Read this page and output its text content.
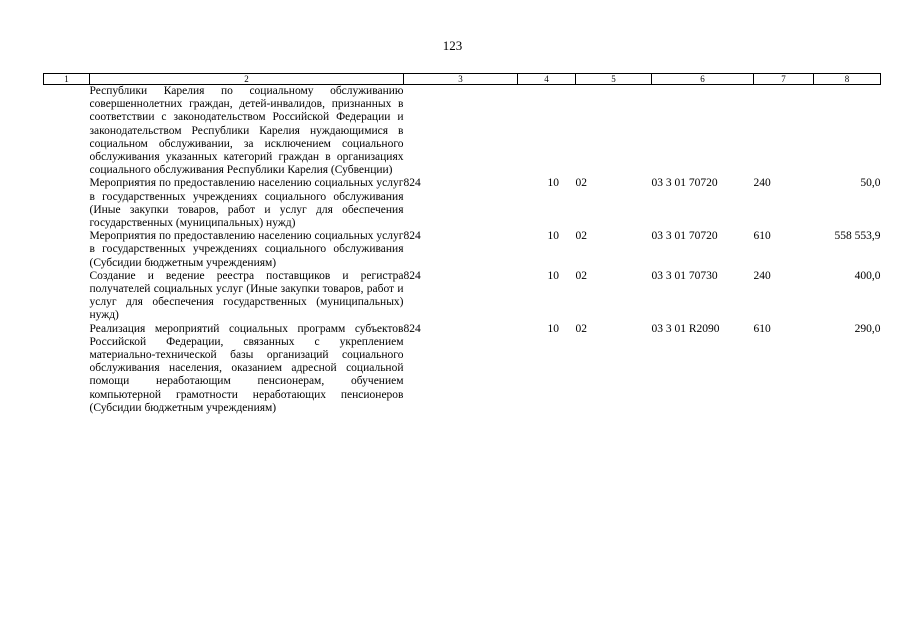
123
1	2	3	4	5	6	7	8
	Республики Карелия по социальному обслуживанию совершеннолетних граждан, детей-инвалидов, признанных в соответствии с законодательством Российской Федерации и законодательством Республики Карелия нуждающимися в социальном обслуживании, за исключением социального обслуживания указанных категорий граждан в организациях социального обслуживания Республики Карелия (Субвенции)						
	Мероприятия по предоставлению населению социальных услуг в государственных учреждениях социального обслуживания (Иные закупки товаров, работ и услуг для обеспечения государственных (муниципальных) нужд)	824	10	02	03 3 01 70720	240	50,0
	Мероприятия по предоставлению населению социальных услуг в государственных учреждениях социального обслуживания (Субсидии бюджетным учреждениям)	824	10	02	03 3 01 70720	610	558 553,9
	Создание и ведение реестра поставщиков и регистра получателей социальных услуг (Иные закупки товаров, работ и услуг для обеспечения государственных (муниципальных) нужд)	824	10	02	03 3 01 70730	240	400,0
	Реализация мероприятий социальных программ субъектов Российской Федерации, связанных с укреплением материально-технической базы организаций социального обслуживания населения, оказанием адресной социальной помощи неработающим пенсионерам, обучением компьютерной грамотности неработающих пенсионеров (Субсидии бюджетным учреждениям)	824	10	02	03 3 01 R2090	610	290,0
